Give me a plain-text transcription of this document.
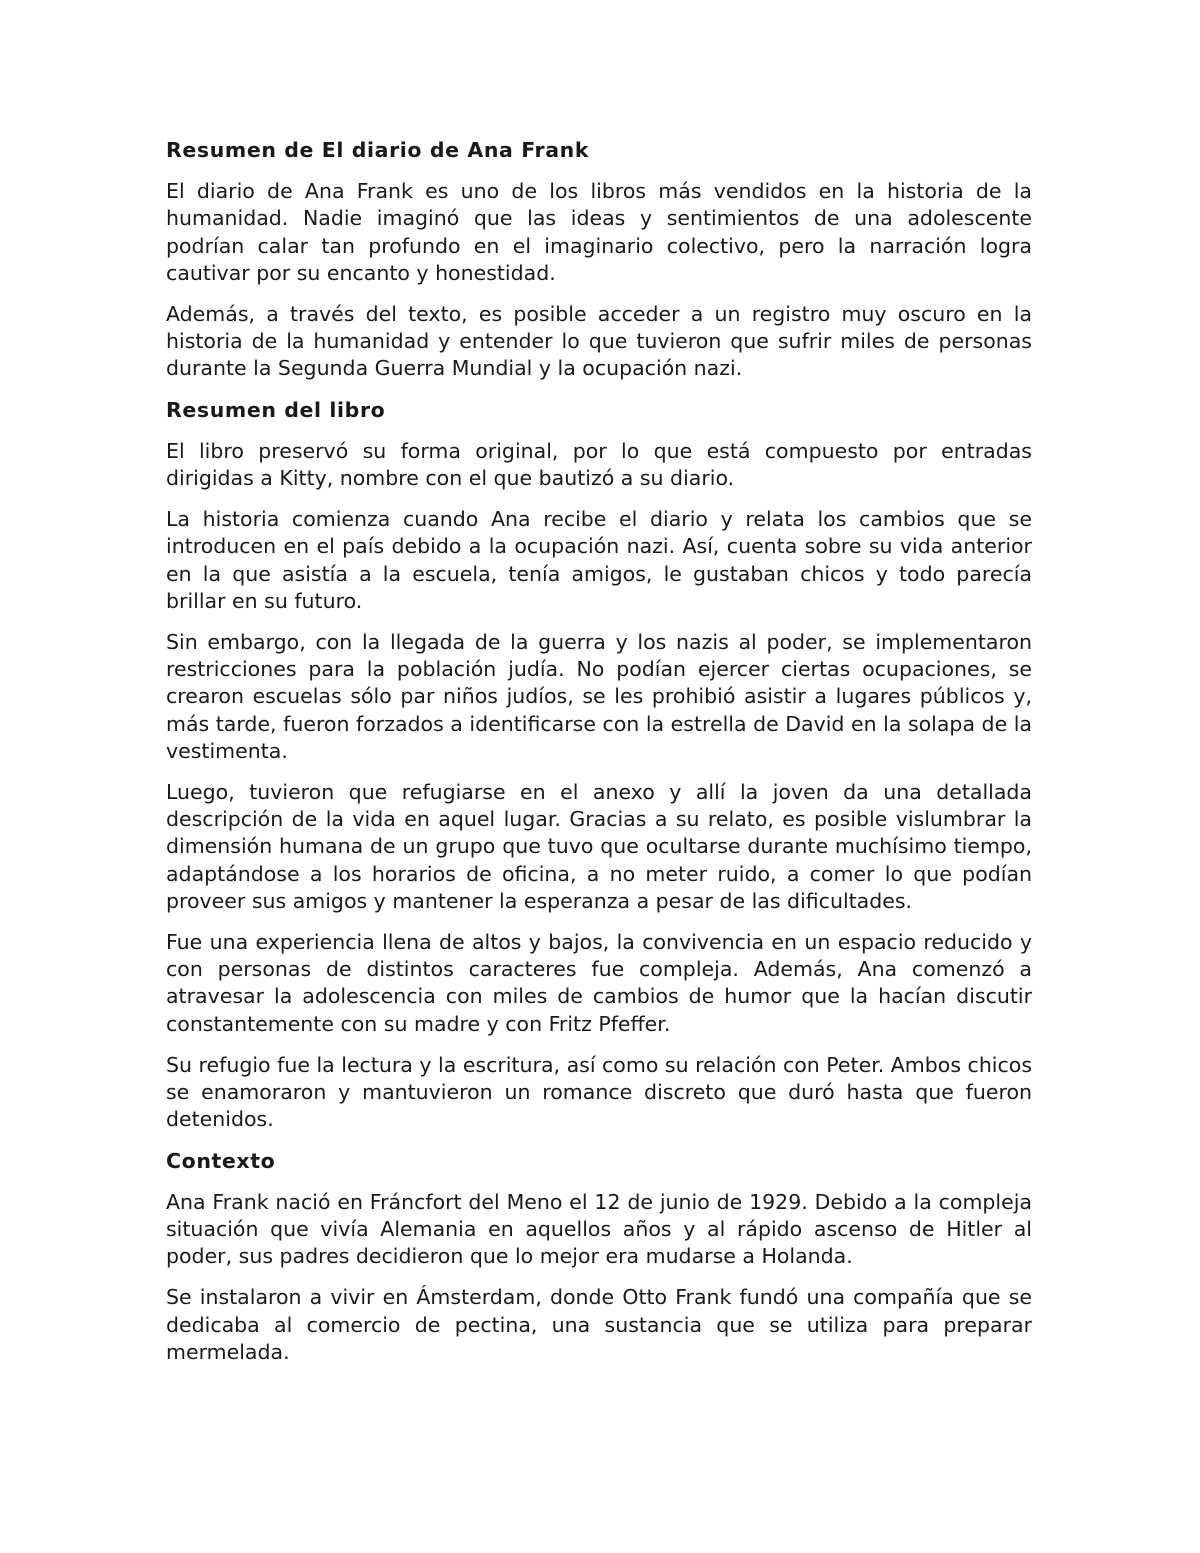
Resumen de El diario de Ana Frank

El diario de Ana Frank es uno de los libros más vendidos en la historia de la humanidad. Nadie imaginó que las ideas y sentimientos de una adolescente podrían calar tan profundo en el imaginario colectivo, pero la narración logra cautivar por su encanto y honestidad.

Además, a través del texto, es posible acceder a un registro muy oscuro en la historia de la humanidad y entender lo que tuvieron que sufrir miles de personas durante la Segunda Guerra Mundial y la ocupación nazi.

Resumen del libro

El libro preservó su forma original, por lo que está compuesto por entradas dirigidas a Kitty, nombre con el que bautizó a su diario.

La historia comienza cuando Ana recibe el diario y relata los cambios que se introducen en el país debido a la ocupación nazi. Así, cuenta sobre su vida anterior en la que asistía a la escuela, tenía amigos, le gustaban chicos y todo parecía brillar en su futuro.

Sin embargo, con la llegada de la guerra y los nazis al poder, se implementaron restricciones para la población judía. No podían ejercer ciertas ocupaciones, se crearon escuelas sólo par niños judíos, se les prohibió asistir a lugares públicos y, más tarde, fueron forzados a identificarse con la estrella de David en la solapa de la vestimenta.

Luego, tuvieron que refugiarse en el anexo y allí la joven da una detallada descripción de la vida en aquel lugar. Gracias a su relato, es posible vislumbrar la dimensión humana de un grupo que tuvo que ocultarse durante muchísimo tiempo, adaptándose a los horarios de oficina, a no meter ruido, a comer lo que podían proveer sus amigos y mantener la esperanza a pesar de las dificultades.

Fue una experiencia llena de altos y bajos, la convivencia en un espacio reducido y con personas de distintos caracteres fue compleja. Además, Ana comenzó a atravesar la adolescencia con miles de cambios de humor que la hacían discutir constantemente con su madre y con Fritz Pfeffer.

Su refugio fue la lectura y la escritura, así como su relación con Peter. Ambos chicos se enamoraron y mantuvieron un romance discreto que duró hasta que fueron detenidos.

Contexto

Ana Frank nació en Fráncfort del Meno el 12 de junio de 1929. Debido a la compleja situación que vivía Alemania en aquellos años y al rápido ascenso de Hitler al poder, sus padres decidieron que lo mejor era mudarse a Holanda.

Se instalaron a vivir en Ámsterdam, donde Otto Frank fundó una compañía que se dedicaba al comercio de pectina, una sustancia que se utiliza para preparar mermelada.
